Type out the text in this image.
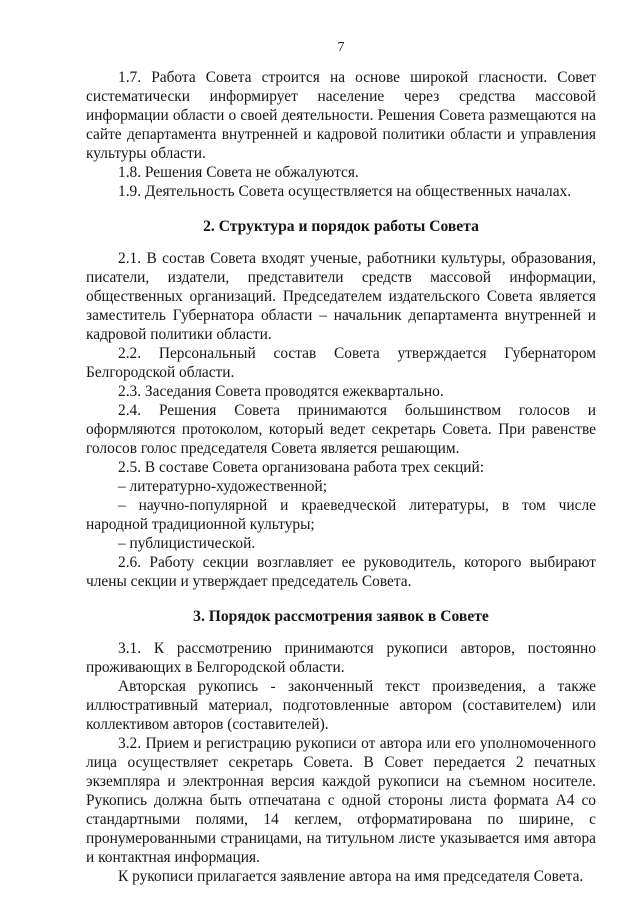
7

1.7. Работа Совета строится на основе широкой гласности. Совет систематически информирует население через средства массовой информации области о своей деятельности. Решения Совета размещаются на сайте департамента внутренней и кадровой политики области и управления культуры области.

1.8. Решения Совета не обжалуются.

1.9. Деятельность Совета осуществляется на общественных началах.

2. Структура и порядок работы Совета

2.1. В состав Совета входят ученые, работники культуры, образования, писатели, издатели, представители средств массовой информации, общественных организаций. Председателем издательского Совета является заместитель Губернатора области – начальник департамента внутренней и кадровой политики области.

2.2. Персональный состав Совета утверждается Губернатором Белгородской области.

2.3. Заседания Совета проводятся ежеквартально.

2.4. Решения Совета принимаются большинством голосов и оформляются протоколом, который ведет секретарь Совета. При равенстве голосов голос председателя Совета является решающим.

2.5. В составе Совета организована работа трех секций:

– литературно-художественной;

– научно-популярной и краеведческой литературы, в том числе народной традиционной культуры;

– публицистической.

2.6. Работу секции возглавляет ее руководитель, которого выбирают члены секции и утверждает председатель Совета.

3. Порядок рассмотрения заявок в Совете

3.1. К рассмотрению принимаются рукописи авторов, постоянно проживающих в Белгородской области.

Авторская рукопись - законченный текст произведения, а также иллюстративный материал, подготовленные автором (составителем) или коллективом авторов (составителей).

3.2. Прием и регистрацию рукописи от автора или его уполномоченного лица осуществляет секретарь Совета. В Совет передается 2 печатных экземпляра и электронная версия каждой рукописи на съемном носителе. Рукопись должна быть отпечатана с одной стороны листа формата А4 со стандартными полями, 14 кеглем, отформатирована по ширине, с пронумерованными страницами, на титульном листе указывается имя автора и контактная информация.

К рукописи прилагается заявление автора на имя председателя Совета.
